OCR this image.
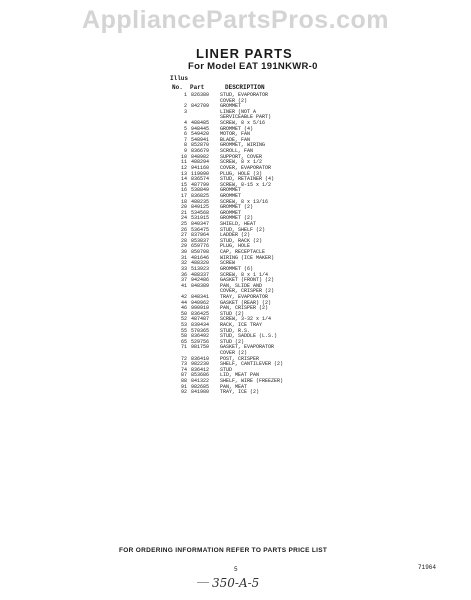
AppliancePartsPros.com
LINER PARTS
For Model EAT 191NKWR-0
Illus
No. Part	DESCRIPTION
1 826380 STUD, EVAPORATOR
COVER (2)
2 842709 GROMMET
3	LINER (NOT A
SERVICEABLE PART)
4 488485 SCREW, 8 x 5/16
5 948445 GROMMET (4)
6 549420 MOTOR, FAN
7 548941 BLADE, FAN
8 852870 GROMMET, WIRING
9 836679 SCROLL, FAN
10 848982 SUPPORT, COVER
11 488294 SCREW, 8 x 1/2
12 941160 COVER, EVAPORATOR
13 119090 PLUG, HOLE (3)
14 836574 STUD, RETAINER (4)
15 487799 SCREW, 8-15 x 1/2
16 538849 GROMMET
17 836825 GROMMET
18 488235 SCREW, 8 x 13/16
20 849125 GROMMET (2)
21 534568 GROMMET
24 531915 GROMMET (2)
25 840347 SHIELD, HEAT
26 536475 STUD, SHELF (2)
27 837964 LADDER (2)
28 853837 STUD, RACK (2)
29 659776 PLUG, HOLE
30 850708 CAP, RECEPTACLE
31 481646 WIRING (ICE MAKER)
32 488320 SCREW
33 513923 GROMMET (6)
36 488337 SCREW, 8 x 1 1/4
37 942486 GASKET (FRONT) (2)
41 848389 PAN, SLIDE AND
COVER, CRISPER (2)
42 848341 TRAY, EVAPORATOR
44 940962 GASKET (REAR) (2)
46 990910 PAN, CRISPER (2)
50 836425 STUD (2)
52 487487 SCREW, 3-32 x 1/4
53 839434 RACK, ICE TRAY
55 570365 STUD, R.S.
58 836492 STUD, SADDLE (L.S.)
65 529756 STUD (2)
71 981750 GASKET, EVAPORATOR
COVER (2)
72 836410 POST, CRISPER
73 982230 SHELF, CANTILEVER (2)
74 836412 STUD
87 853686 LID, MEAT PAN
88 841322 SHELF, WIRE (FREEZER)
91 982685 PAN, MEAT
92 841980 TRAY, ICE (2)
FOR ORDERING INFORMATION REFER TO PARTS PRICE LIST
5	71964
350-A-5
